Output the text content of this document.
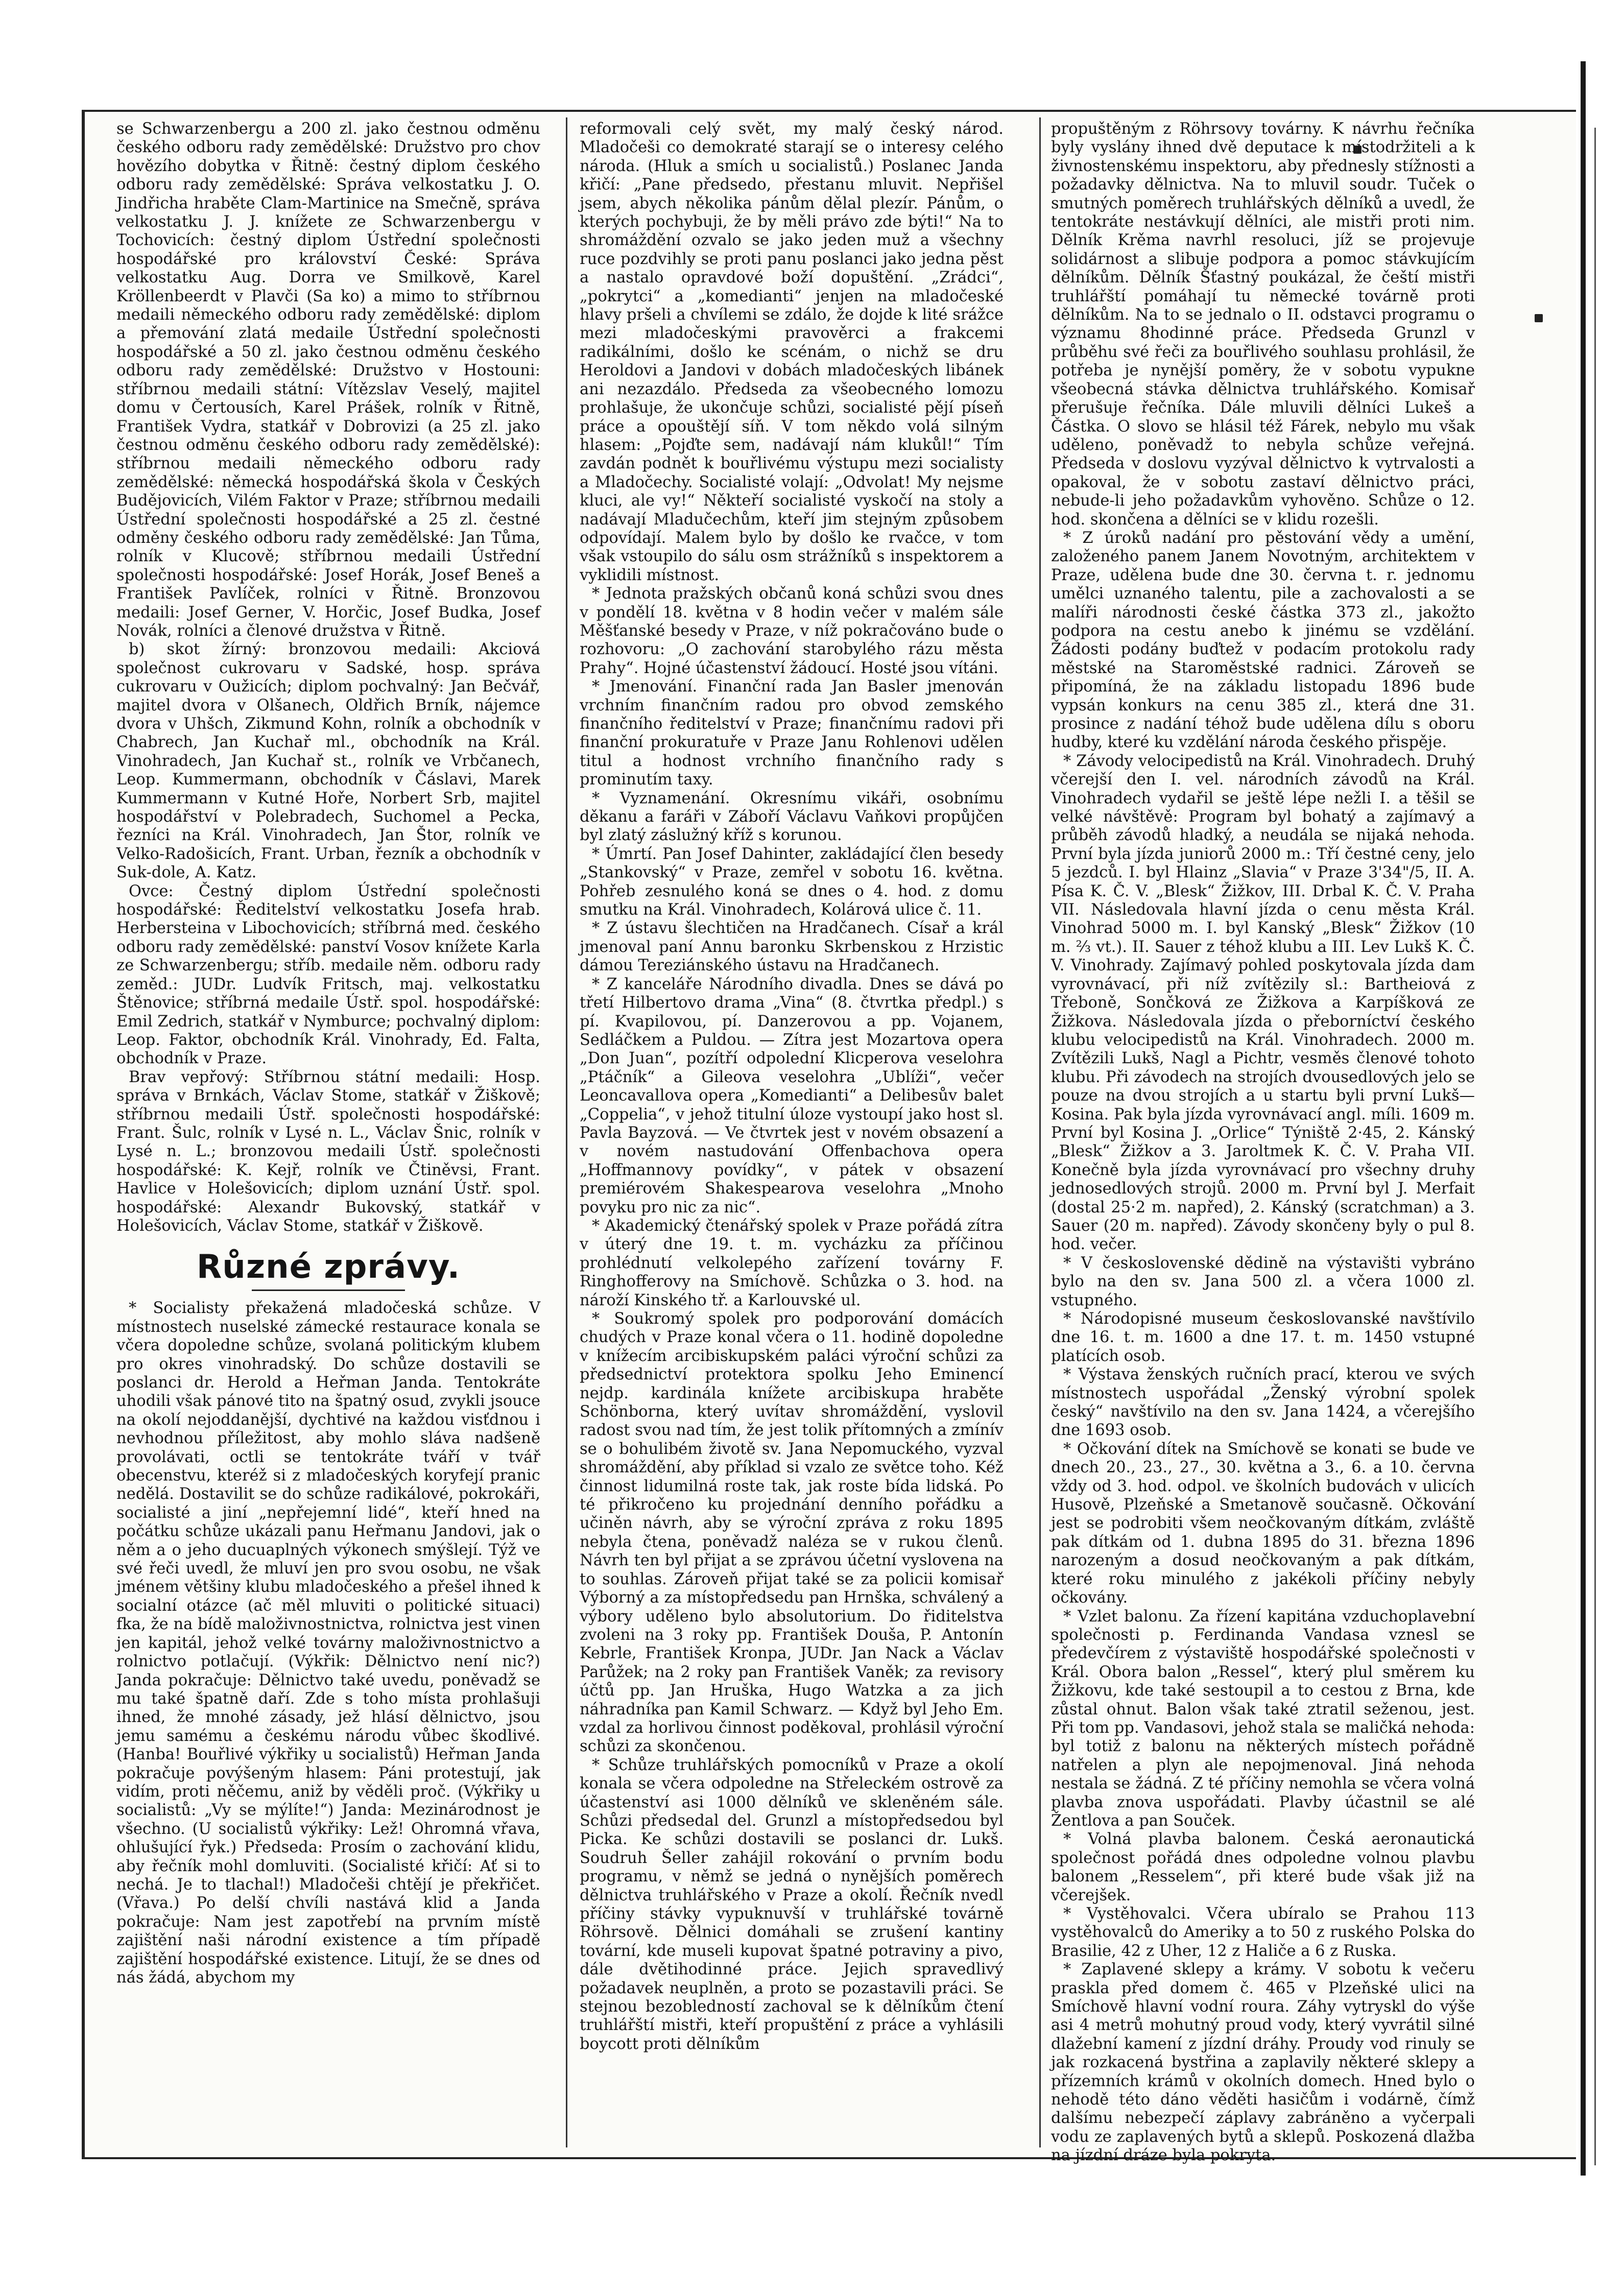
se Schwarzenbergu a 200 zl. jako čestnou odměnu českého odboru rady zemědělské: Družstvo pro chov hovězího dobytka v Řitně: čestný diplom českého odboru rady zemědělské: Správa velkostatku J. O. Jindřicha hraběte Clam-Martinice na Smečně, správa velkostatku J. J. knížete ze Schwarzenbergu v Tochovicích: čestný diplom Ústřední společnosti hospodářské pro království České: Správa velkostatku Aug. Dorra ve Smilkově, Karel Kröllenbeerdt v Plavči (Sa ko) a mimo to stříbrnou medaili německého odboru rady zemědělské: diplom a přemování zlatá medaile Ústřední společnosti hospodářské a 50 zl. jako čestnou odměnu českého odboru rady zemědělské: Družstvo v Hostouni: stříbrnou medaili státní: Vítězslav Veselý, majitel domu v Čertousích, Karel Prášek, rolník v Řitně, František Vydra, statkář v Dobrovizi (a 25 zl. jako čestnou odměnu českého odboru rady zemědělské): stříbrnou medaili německého odboru rady zemědělské: německá hospodářská škola v Českých Budějovicích, Vilém Faktor v Praze; stříbrnou medaili Ústřední společnosti hospodářské a 25 zl. čestné odměny českého odboru rady zemědělské: Jan Tůma, rolník v Klucově; stříbrnou medaili Ústřední společnosti hospodářské: Josef Horák, Josef Beneš a František Pavlíček, rolníci v Řitně. Bronzovou medaili: Josef Gerner, V. Horčic, Josef Budka, Josef Novák, rolníci a členové družstva v Řitně.

b) skot žírný: bronzovou medaili: Akciová společnost cukrovaru v Sadské, hosp. správa cukrovaru v Oužicích; diplom pochvalný: Jan Bečvář, majitel dvora v Olšanech, Oldřich Brník, nájemce dvora v Uhšch, Zikmund Kohn, rolník a obchodník v Chabrech, Jan Kuchař ml., obchodník na Král. Vinohradech, Jan Kuchař st., rolník ve Vrbčanech, Leop. Kummermann, obchodník v Čáslavi, Marek Kummermann v Kutné Hoře, Norbert Srb, majitel hospodářství v Polebradech, Suchomel a Pecka, řezníci na Král. Vinohradech, Jan Štor, rolník ve Velko-Radošicích, Frant. Urban, řezník a obchodník v Suk-dole, A. Katz.

Ovce: Čestný diplom Ústřední společnosti hospodářské: Ředitelství velkostatku Josefa hrab. Herbersteina v Libochovicích; stříbrná med. českého odboru rady zemědělské: panství Vosov knížete Karla ze Schwarzenbergu; stříb. medaile něm. odboru rady zeměd.: JUDr. Ludvík Fritsch, maj. velkostatku Štěnovice; stříbrná medaile Ústř. spol. hospodářské: Emil Zedrich, statkář v Nymburce; pochvalný diplom: Leop. Faktor, obchodník Král. Vinohrady, Ed. Falta, obchodník v Praze.

Brav vepřový: Stříbrnou státní medaili: Hosp. správa v Brnkách, Václav Stome, statkář v Žiškově; stříbrnou medaili Ústř. společnosti hospodářské: Frant. Šulc, rolník v Lysé n. L., Václav Šnic, rolník v Lysé n. L.; bronzovou medaili Ústř. společnosti hospodářské: K. Kejř, rolník ve Čtiněvsi, Frant. Havlice v Holešovicích; diplom uznání Ústř. spol. hospodářské: Alexandr Bukovský, statkář v Holešovicích, Václav Stome, statkář v Žiškově.

Různé zprávy.

* Socialisty překažená mladočeská schůze. V místnostech nuselské zámecké restaurace konala se včera dopoledne schůze, svolaná politickým klubem pro okres vinohradský. Do schůze dostavili se poslanci dr. Herold a Heřman Janda. Tentokráte uhodili však pánové tito na špatný osud, zvykli jsouce na okolí nejoddanější, dychtivé na každou visťdnou i nevhodnou příležitost, aby mohlo sláva nadšeně provolávati, octli se tentokráte tváří v tvář obecenstvu, kteréž si z mladočeských koryfejí pranic nedělá. Dostavilit se do schůze radikálové, pokrokáři, socialisté a jiní „nepřejemní lidé“, kteří hned na počátku schůze ukázali panu Heřmanu Jandovi, jak o něm a o jeho ducuaplných výkonech smýšlejí. Týž ve své řeči uvedl, že mluví jen pro svou osobu, ne však jménem většiny klubu mladočeského a přešel ihned k socialní otázce (ač měl mluviti o politické situaci) fka, že na bídě maloživnostnictva, rolnictva jest vinen jen kapitál, jehož velké továrny maloživnostnictvo a rolnictvo potlačují. (Výkřik: Dělnictvo není nic?) Janda pokračuje: Dělnictvo také uvedu, poněvadž se mu také špatně daří. Zde s toho místa prohlašuji ihned, že mnohé zásady, jež hlásí dělnictvo, jsou jemu samému a českému národu vůbec škodlivé. (Hanba! Bouřlivé výkřiky u socialistů) Heřman Janda pokračuje povýšeným hlasem: Páni protestují, jak vidím, proti něčemu, aniž by věděli proč. (Výkřiky u socialistů: „Vy se mýlíte!“) Janda: Mezinárodnost je všechno. (U socialistů výkřiky: Lež! Ohromná vřava, ohlušující řyk.) Předseda: Prosím o zachování klidu, aby řečník mohl domluviti. (Socialisté křičí: Ať si to nechá. Je to tlachal!) Mladočeši chtějí je překřičet. (Vřava.) Po delší chvíli nastává klid a Janda pokračuje: Nam jest zapotřebí na prvním místě zajištění naši národní existence a tím případě zajištění hospodářské existence. Litují, že se dnes od nás žádá, abychom my

reformovali celý svět, my malý český národ. Mladočeši co demokraté starají se o interesy celého národa. (Hluk a smích u socialistů.) Poslanec Janda křičí: „Pane předsedo, přestanu mluvit. Nepřišel jsem, abych několika pánům dělal plezír. Pánům, o kterých pochybuji, že by měli právo zde býti!“ Na to shromáždění ozvalo se jako jeden muž a všechny ruce pozdvihly se proti panu poslanci jako jedna pěst a nastalo opravdové boží dopuštění. „Zrádci“, „pokrytci“ a „komedianti“ jenjen na mladočeské hlavy pršeli a chvílemi se zdálo, že dojde k lité srážce mezi mladočeskými pravověrci a frakcemi radikálními, došlo ke scénám, o nichž se dru Heroldovi a Jandovi v dobách mladočeských libánek ani nezazdálo. Předseda za všeobecného lomozu prohlašuje, že ukončuje schůzi, socialisté pějí píseň práce a opouštějí síň. V tom někdo volá silným hlasem: „Pojďte sem, nadávají nám klukůl!“ Tím zavdán podnět k bouřlivému výstupu mezi socialisty a Mladočechy. Socialisté volají: „Odvolat! My nejsme kluci, ale vy!“ Někteří socialisté vyskočí na stoly a nadávají Mladučechům, kteří jim stejným způsobem odpovídají. Malem bylo by došlo ke rvačce, v tom však vstoupilo do sálu osm strážníků s inspektorem a vyklidili místnost.

* Jednota pražských občanů koná schůzi svou dnes v pondělí 18. května v 8 hodin večer v malém sále Měšťanské besedy v Praze, v níž pokračováno bude o rozhovoru: „O zachování starobylého rázu města Prahy“. Hojné účastenství žádoucí. Hosté jsou vítáni.

* Jmenování. Finanční rada Jan Basler jmenován vrchním finančním radou pro obvod zemského finančního ředitelství v Praze; finančnímu radovi při finanční prokuratuře v Praze Janu Rohlenovi udělen titul a hodnost vrchního finančního rady s prominutím taxy.

* Vyznamenání. Okresnímu vikáři, osobnímu děkanu a faráři v Záboří Václavu Vaňkovi propůjčen byl zlatý záslužný kříž s korunou.

* Úmrtí. Pan Josef Dahinter, zakládající člen besedy „Stankovský“ v Praze, zemřel v sobotu 16. května. Pohřeb zesnulého koná se dnes o 4. hod. z domu smutku na Král. Vinohradech, Kolárová ulice č. 11.

* Z ústavu šlechtičen na Hradčanech. Císař a král jmenoval paní Annu baronku Skrbenskou z Hrzistic dámou Tereziánského ústavu na Hradčanech.

* Z kanceláře Národního divadla. Dnes se dává po třetí Hilbertovo drama „Vina“ (8. čtvrtka předpl.) s pí. Kvapilovou, pí. Danzerovou a pp. Vojanem, Sedláčkem a Puldou. — Zítra jest Mozartova opera „Don Juan“, pozítří odpolední Klicperova veselohra „Ptáčník“ a Gileova veselohra „Ublíži“, večer Leoncavallova opera „Komedianti“ a Delibesův balet „Coppelia“, v jehož titulní úloze vystoupí jako host sl. Pavla Bayzová. — Ve čtvrtek jest v novém obsazení a v novém nastudování Offenbachova opera „Hoffmannovy povídky“, v pátek v obsazení premiérovém Shakespearova veselohra „Mnoho povyku pro nic za nic“.

* Akademický čtenářský spolek v Praze pořádá zítra v úterý dne 19. t. m. vycházku za příčinou prohlédnutí velkolepého zařízení továrny F. Ringhofferovy na Smíchově. Schůzka o 3. hod. na nároží Kinského tř. a Karlouvské ul.

* Soukromý spolek pro podporování domácích chudých v Praze konal včera o 11. hodině dopoledne v knížecím arcibiskupském paláci výroční schůzi za předsednictví protektora spolku Jeho Eminencí nejdp. kardinála knížete arcibiskupa hraběte Schönborna, který uvítav shromáždění, vyslovil radost svou nad tím, že jest tolik přítomných a zmínív se o bohulibém životě sv. Jana Nepomuckého, vyzval shromáždění, aby příklad si vzalo ze světce toho. Kéž činnost lidumilná roste tak, jak roste bída lidská. Po té přikročeno ku projednání denního pořádku a učiněn návrh, aby se výroční zpráva z roku 1895 nebyla čtena, poněvadž naléza se v rukou členů. Návrh ten byl přijat a se zprávou účetní vyslovena na to souhlas. Zároveň přijat také se za policii komisař Výborný a za místopředsedu pan Hrnška, schválený a výbory uděleno bylo absolutorium. Do řiditelstva zvoleni na 3 roky pp. František Douša, P. Antonín Kebrle, František Kronpa, JUDr. Jan Nack a Václav Parůžek; na 2 roky pan František Vaněk; za revisory účtů pp. Jan Hruška, Hugo Watzka a za jich náhradníka pan Kamil Schwarz. — Když byl Jeho Em. vzdal za horlivou činnost poděkoval, prohlásil výroční schůzi za skončenou.

* Schůze truhlářských pomocníků v Praze a okolí konala se včera odpoledne na Střeleckém ostrově za účastenství asi 1000 dělníků ve skleněném sále. Schůzi předsedal del. Grunzl a místopředsedou byl Picka. Ke schůzi dostavili se poslanci dr. Lukš. Soudruh Šeller zahájil rokování o prvním bodu programu, v němž se jedná o nynějších poměrech dělnictva truhlářského v Praze a okolí. Řečník nvedl příčiny stávky vypuknuvší v truhlářské továrně Röhrsově. Dělnici domáhali se zrušení kantiny tovární, kde museli kupovat špatné potraviny a pivo, dále dvětihodinné práce. Jejich spravedlivý požadavek neuplněn, a proto se pozastavili práci. Se stejnou bezobledností zachoval se k dělníkům čtení truhlářští mistři, kteří propuštění z práce a vyhlásili boycott proti dělníkům

propuštěným z Röhrsovy továrny. K návrhu řečníka byly vyslány ihned dvě deputace k místodržiteli a k živnostenskému inspektoru, aby přednesly stížnosti a požadavky dělnictva. Na to mluvil soudr. Tuček o smutných poměrech truhlářských dělníků a uvedl, že tentokráte nestávkují dělníci, ale mistři proti nim. Dělník Krěma navrhl resoluci, jíž se projevuje solidárnost a slibuje podpora a pomoc stávkujícím dělníkům. Dělník Šťastný poukázal, že čeští mistři truhlářští pomáhají tu německé továrně proti dělníkům. Na to se jednalo o II. odstavci programu o významu 8hodinné práce. Předseda Grunzl v průběhu své řeči za bouřlivého souhlasu prohlásil, že potřeba je nynější poměry, že v sobotu vypukne všeobecná stávka dělnictva truhlářského. Komisař přerušuje řečníka. Dále mluvili dělníci Lukeš a Částka. O slovo se hlásil též Fárek, nebylo mu však uděleno, poněvadž to nebyla schůze veřejná. Předseda v doslovu vyzýval dělnictvo k vytrvalosti a opakoval, že v sobotu zastaví dělnictvo práci, nebude-li jeho požadavkům vyhověno. Schůze o 12. hod. skončena a dělníci se v klidu rozešli.

* Z úroků nadání pro pěstování vědy a umění, založeného panem Janem Novotným, architektem v Praze, udělena bude dne 30. června t. r. jednomu umělci uznaného talentu, pile a zachovalosti a se malíři národnosti české částka 373 zl., jakožto podpora na cestu anebo k jinému se vzdělání. Žádosti podány buďtež v podacím protokolu rady městské na Staroměstské radnici. Zároveň se připomíná, že na základu listopadu 1896 bude vypsán konkurs na cenu 385 zl., která dne 31. prosince z nadání téhož bude udělena dílu s oboru hudby, které ku vzdělání národa českého přispěje.

* Závody velocipedistů na Král. Vinohradech. Druhý včerejší den I. vel. národních závodů na Král. Vinohradech vydařil se ještě lépe nežli I. a těšil se velké návštěvě: Program byl bohatý a zajímavý a průběh závodů hladký, a neudála se nijaká nehoda. První byla jízda juniorů 2000 m.: Tří čestné ceny, jelo 5 jezdců. I. byl Hlainz „Slavia“ v Praze 3'34"/5, II. A. Písa K. Č. V. „Blesk“ Žižkov, III. Drbal K. Č. V. Praha VII. Následovala hlavní jízda o cenu města Král. Vinohrad 5000 m. I. byl Kanský „Blesk“ Žižkov (10 m. ⅔ vt.). II. Sauer z téhož klubu a III. Lev Lukš K. Č. V. Vinohrady. Zajímavý pohled poskytovala jízda dam vyrovnávací, při níž zvítězily sl.: Bartheiová z Třeboně, Sončková ze Žižkova a Karpíšková ze Žižkova. Následovala jízda o přeborníctví českého klubu velocipedistů na Král. Vinohradech. 2000 m. Zvítězili Lukš, Nagl a Pichtr, vesměs členové tohoto klubu. Při závodech na strojích dvousedlových jelo se pouze na dvou strojích a u startu byli první Lukš—Kosina. Pak byla jízda vyrovnávací angl. míli. 1609 m. První byl Kosina J. „Orlice“ Týniště 2·45, 2. Kánský „Blesk“ Žižkov a 3. Jaroltmek K. Č. V. Praha VII. Konečně byla jízda vyrovnávací pro všechny druhy jednosedlových strojů. 2000 m. První byl J. Merfait (dostal 25·2 m. napřed), 2. Kánský (scratchman) a 3. Sauer (20 m. napřed). Závody skončeny byly o pul 8. hod. večer.

* V československé dědině na výstavišti vybráno bylo na den sv. Jana 500 zl. a včera 1000 zl. vstupného.

* Národopisné museum českoslovanské navštívilo dne 16. t. m. 1600 a dne 17. t. m. 1450 vstupné platících osob.

* Výstava ženských ručních prací, kterou ve svých místnostech uspořádal „Ženský výrobní spolek český“ navštívilo na den sv. Jana 1424, a včerejšího dne 1693 osob.

* Očkování dítek na Smíchově se konati se bude ve dnech 20., 23., 27., 30. května a 3., 6. a 10. června vždy od 3. hod. odpol. ve školních budovách v ulicích Husově, Plzeňské a Smetanově současně. Očkování jest se podrobiti všem neočkovaným dítkám, zvláště pak dítkám od 1. dubna 1895 do 31. března 1896 narozeným a dosud neočkovaným a pak dítkám, které roku minulého z jakékoli příčiny nebyly očkovány.

* Vzlet balonu. Za řízení kapitána vzduchoplavební společnosti p. Ferdinanda Vandasa vznesl se předevčírem z výstaviště hospodářské společnosti v Král. Obora balon „Ressel“, který plul směrem ku Žižkovu, kde také sestoupil a to cestou z Brna, kde zůstal ohnut. Balon však také ztratil seženou, jest. Při tom pp. Vandasovi, jehož stala se maličká nehoda: byl totiž z balonu na některých místech pořádně natřelen a plyn ale nepojmenoval. Jiná nehoda nestala se žádná. Z té příčiny nemohla se včera volná plavba znova uspořádati. Plavby účastnil se alé Žentlova a pan Souček.

* Volná plavba balonem. Česká aeronautická společnost pořádá dnes odpoledne volnou plavbu balonem „Resselem“, při které bude však již na včerejšek.

* Vystěhovalci. Včera ubíralo se Prahou 113 vystěhovalců do Ameriky a to 50 z ruského Polska do Brasilie, 42 z Uher, 12 z Haliče a 6 z Ruska.

* Zaplavené sklepy a krámy. V sobotu k večeru praskla před domem č. 465 v Plzeňské ulici na Smíchově hlavní vodní roura. Záhy vytryskl do výše asi 4 metrů mohutný proud vody, který vyvrátil silné dlažební kamení z jízdní dráhy. Proudy vod rinuly se jak rozkacená bystřina a zaplavily některé sklepy a přízemních krámů v okolních domech. Hned bylo o nehodě této dáno věděti hasičům i vodárně, čímž dalšímu nebezpečí záplavy zabráněno a vyčerpali vodu ze zaplavených bytů a sklepů. Poskozená dlažba na jízdní dráze byla pokryta.
